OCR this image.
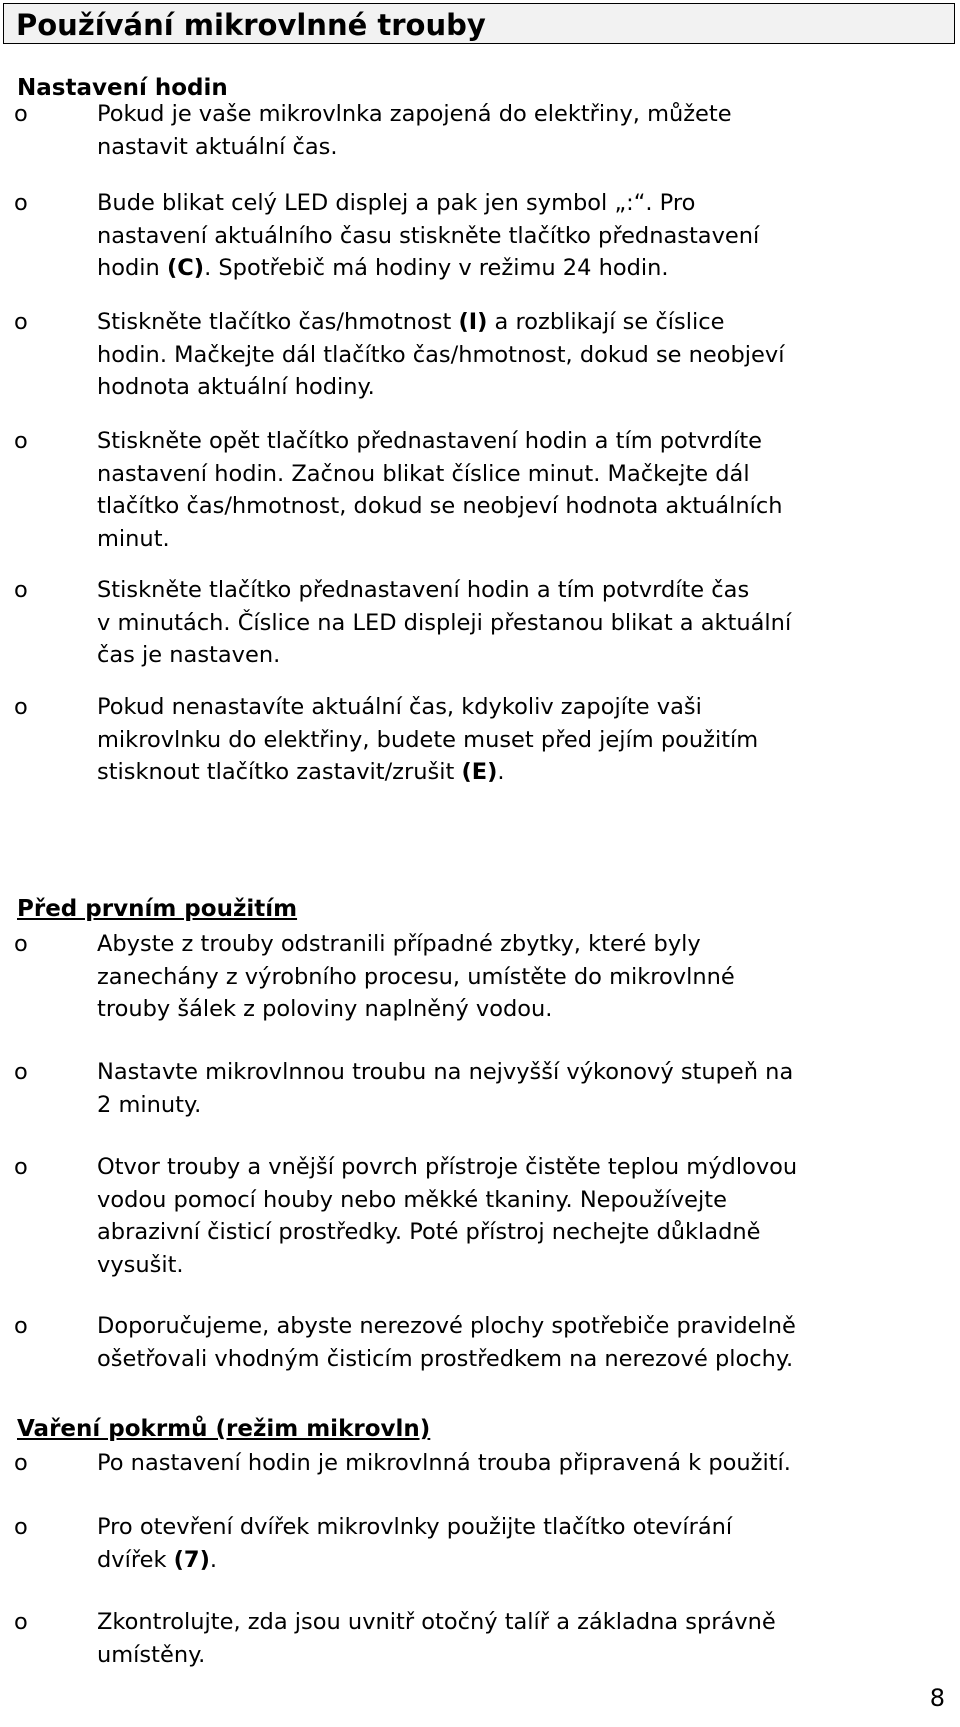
Používání mikrovlnné trouby
Nastavení hodin
o	Pokud je vaše mikrovlnka zapojená do elektřiny, můžete
nastavit aktuální čas.
o	Bude blikat celý LED displej a pak jen symbol „:“. Pro
nastavení aktuálního času stiskněte tlačítko přednastavení
hodin (C). Spotřebič má hodiny v režimu 24 hodin.
o	Stiskněte tlačítko čas/hmotnost (I) a rozblikají se číslice
hodin. Mačkejte dál tlačítko čas/hmotnost, dokud se neobjeví
hodnota aktuální hodiny.
o	Stiskněte opět tlačítko přednastavení hodin a tím potvrdíte
nastavení hodin. Začnou blikat číslice minut. Mačkejte dál
tlačítko čas/hmotnost, dokud se neobjeví hodnota aktuálních
minut.
o	Stiskněte tlačítko přednastavení hodin a tím potvrdíte čas
v minutách. Číslice na LED displeji přestanou blikat a aktuální
čas je nastaven.
o	Pokud nenastavíte aktuální čas, kdykoliv zapojíte vaši
mikrovlnku do elektřiny, budete muset před jejím použitím
stisknout tlačítko zastavit/zrušit (E).
Před prvním použitím
o	Abyste z trouby odstranili případné zbytky, které byly
zanechány z výrobního procesu, umístěte do mikrovlnné
trouby šálek z poloviny naplněný vodou.
o	Nastavte mikrovlnnou troubu na nejvyšší výkonový stupeň na
2 minuty.
o	Otvor trouby a vnější povrch přístroje čistěte teplou mýdlovou
vodou pomocí houby nebo měkké tkaniny. Nepoužívejte
abrazivní čisticí prostředky. Poté přístroj nechejte důkladně
vysušit.
o	Doporučujeme, abyste nerezové plochy spotřebiče pravidelně
ošetřovali vhodným čisticím prostředkem na nerezové plochy.
Vaření pokrmů (režim mikrovln)
o	Po nastavení hodin je mikrovlnná trouba připravená k použití.
o	Pro otevření dvířek mikrovlnky použijte tlačítko otevírání
dvířek (7).
o	Zkontrolujte, zda jsou uvnitř otočný talíř a základna správně
umístěny.
8
